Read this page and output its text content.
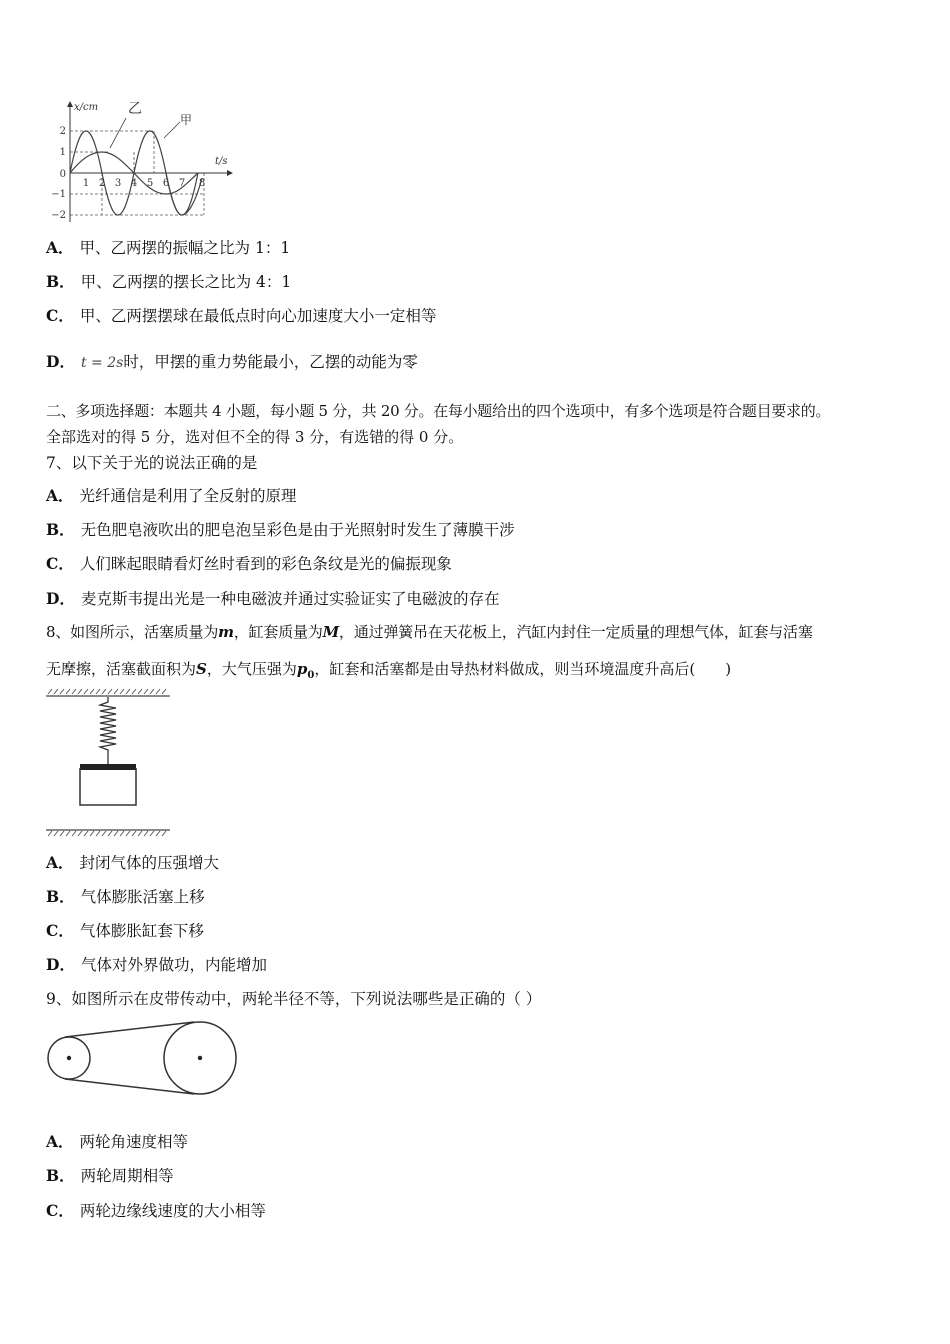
x/cm
t/s
乙
甲
2
1
0
−1
−2
1 2 3 4 5 6 7 8
A． 甲、乙两摆的振幅之比为 1：1
B． 甲、乙两摆的摆长之比为 4：1
C． 甲、乙两摆摆球在最低点时向心加速度大小一定相等
D． t = 2s时，甲摆的重力势能最小，乙摆的动能为零
二、多项选择题：本题共 4 小题，每小题 5 分，共 20 分。在每小题给出的四个选项中，有多个选项是符合题目要求的。
全部选对的得 5 分，选对但不全的得 3 分，有选错的得 0 分。
7、以下关于光的说法正确的是
A． 光纤通信是利用了全反射的原理
B． 无色肥皂液吹出的肥皂泡呈彩色是由于光照射时发生了薄膜干涉
C． 人们眯起眼睛看灯丝时看到的彩色条纹是光的偏振现象
D． 麦克斯韦提出光是一种电磁波并通过实验证实了电磁波的存在
8、如图所示，活塞质量为m，缸套质量为M，通过弹簧吊在天花板上，汽缸内封住一定质量的理想气体，缸套与活塞
无摩擦，活塞截面积为S，大气压强为$p_0$，缸套和活塞都是由导热材料做成，则当环境温度升高后(　　)
A． 封闭气体的压强增大
B． 气体膨胀活塞上移
C． 气体膨胀缸套下移
D． 气体对外界做功，内能增加
9、如图所示在皮带传动中，两轮半径不等，下列说法哪些是正确的（ ）
A． 两轮角速度相等
B． 两轮周期相等
C． 两轮边缘线速度的大小相等
